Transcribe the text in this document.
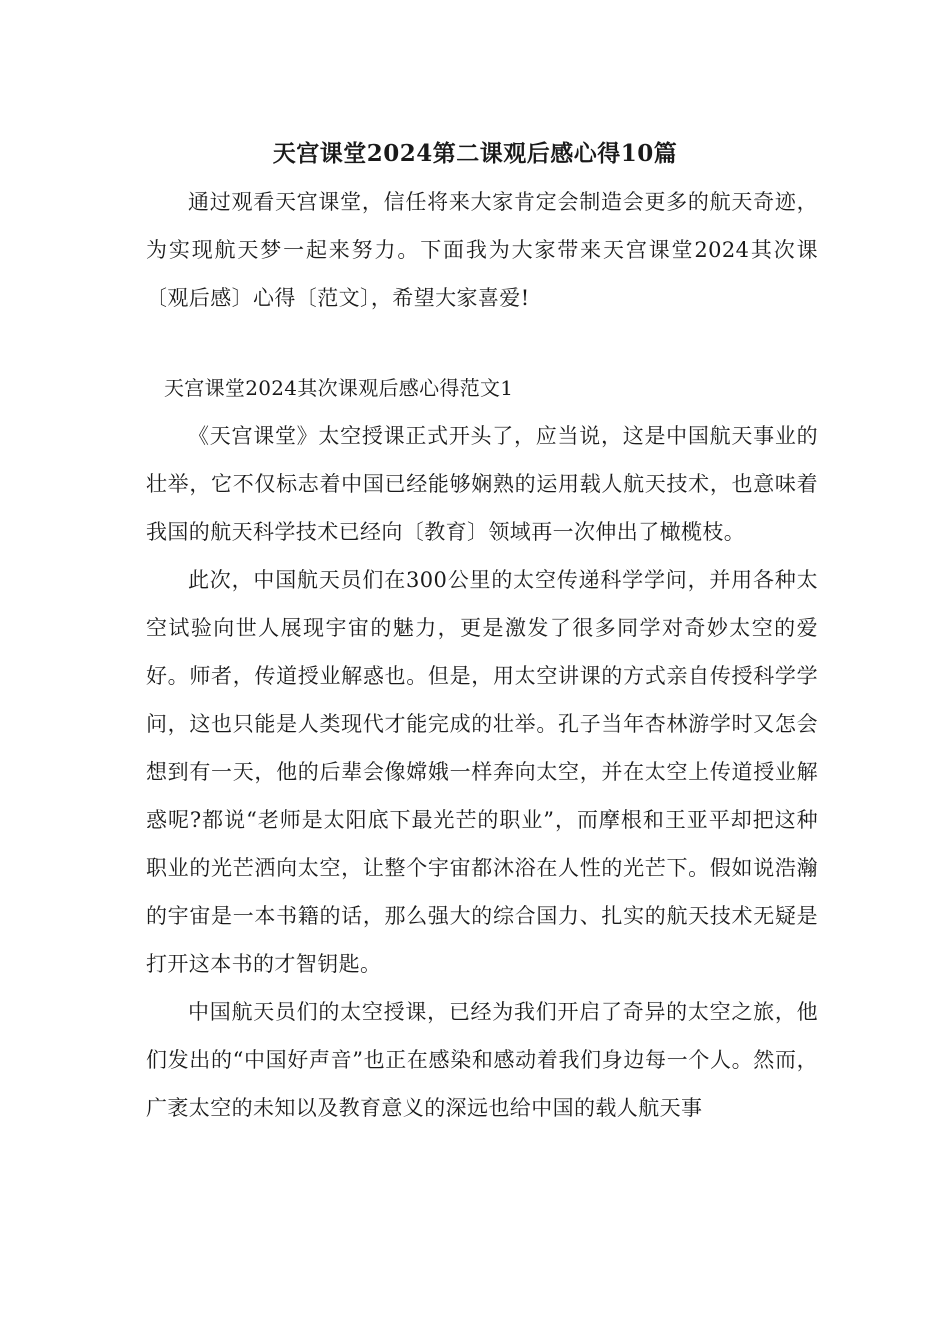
天宫课堂2024第二课观后感心得10篇

通过观看天宫课堂，信任将来大家肯定会制造会更多的航天奇迹，为实现航天梦一起来努力。下面我为大家带来天宫课堂2024其次课〔观后感〕心得〔范文〕，希望大家喜爱!

天宫课堂2024其次课观后感心得范文1

《天宫课堂》太空授课正式开头了，应当说，这是中国航天事业的壮举，它不仅标志着中国已经能够娴熟的运用载人航天技术，也意味着我国的航天科学技术已经向〔教育〕领域再一次伸出了橄榄枝。

此次，中国航天员们在300公里的太空传递科学学问，并用各种太空试验向世人展现宇宙的魅力，更是激发了很多同学对奇妙太空的爱好。师者，传道授业解惑也。但是，用太空讲课的方式亲自传授科学学问，这也只能是人类现代才能完成的壮举。孔子当年杏林游学时又怎会想到有一天，他的后辈会像嫦娥一样奔向太空，并在太空上传道授业解惑呢?都说“老师是太阳底下最光芒的职业”，而摩根和王亚平却把这种职业的光芒洒向太空，让整个宇宙都沐浴在人性的光芒下。假如说浩瀚的宇宙是一本书籍的话，那么强大的综合国力、扎实的航天技术无疑是打开这本书的才智钥匙。

中国航天员们的太空授课，已经为我们开启了奇异的太空之旅，他们发出的“中国好声音”也正在感染和感动着我们身边每一个人。然而，广袤太空的未知以及教育意义的深远也给中国的载人航天事
